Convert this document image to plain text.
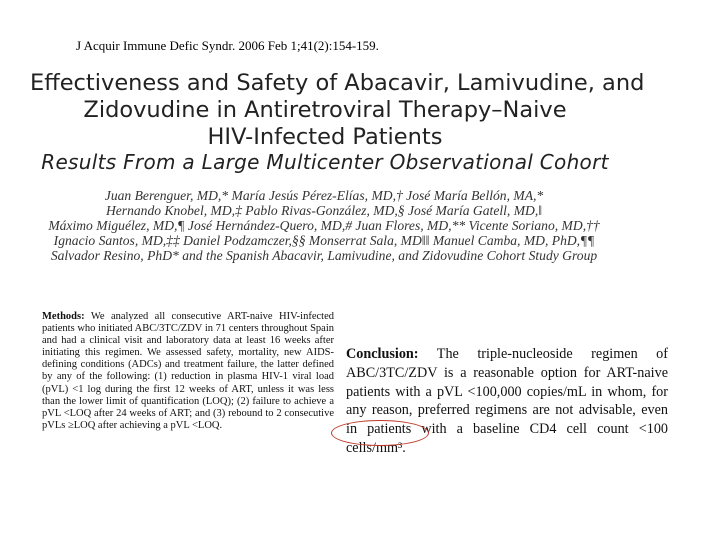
J Acquir Immune Defic Syndr. 2006 Feb 1;41(2):154-159.
Effectiveness and Safety of Abacavir, Lamivudine, and
Zidovudine in Antiretroviral Therapy–Naive
HIV-Infected Patients
Results From a Large Multicenter Observational Cohort
Juan Berenguer, MD,* María Jesús Pérez-Elías, MD,† José María Bellón, MA,*
Hernando Knobel, MD,‡ Pablo Rivas-González, MD,§ José María Gatell, MD,‖
Máximo Miguélez, MD,¶ José Hernández-Quero, MD,# Juan Flores, MD,** Vicente Soriano, MD,††
Ignacio Santos, MD,‡‡ Daniel Podzamczer,§§ Monserrat Sala, MD‖‖ Manuel Camba, MD, PhD,¶¶
Salvador Resino, PhD* and the Spanish Abacavir, Lamivudine, and Zidovudine Cohort Study Group
Methods: We analyzed all consecutive ART-naive HIV-infected patients who initiated ABC/3TC/ZDV in 71 centers throughout Spain and had a clinical visit and laboratory data at least 16 weeks after initiating this regimen. We assessed safety, mortality, new AIDS-defining conditions (ADCs) and treatment failure, the latter defined by any of the following: (1) reduction in plasma HIV-1 viral load (pVL) <1 log during the first 12 weeks of ART, unless it was less than the lower limit of quantification (LOQ); (2) failure to achieve a pVL <LOQ after 24 weeks of ART; and (3) rebound to 2 consecutive pVLs ≥LOQ after achieving a pVL <LOQ.
Conclusion: The triple-nucleoside regimen of ABC/3TC/ZDV is a reasonable option for ART-naive patients with a pVL <100,000 copies/mL in whom, for any reason, preferred regimens are not advisable, even in patients with a baseline CD4 cell count <100 cells/mm³.
